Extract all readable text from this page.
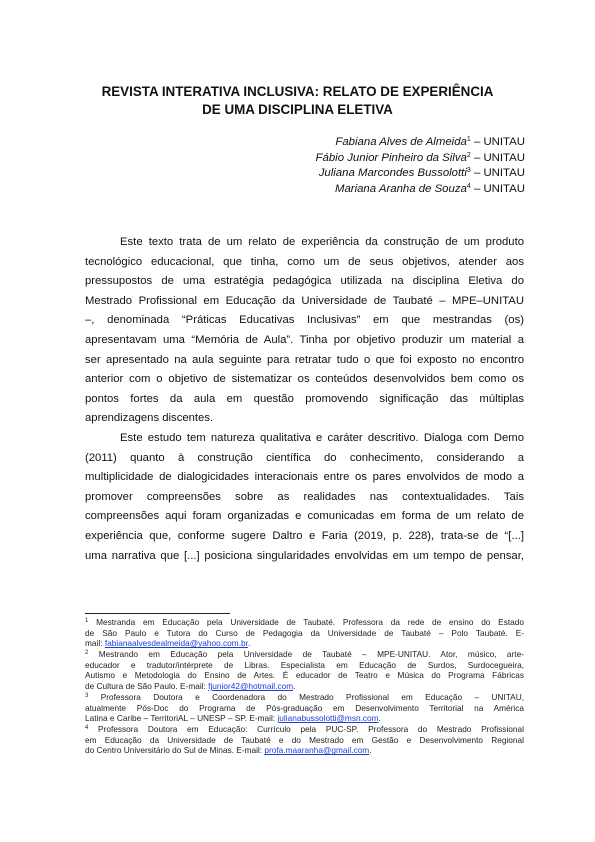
REVISTA INTERATIVA INCLUSIVA: RELATO DE EXPERIÊNCIA
DE UMA DISCIPLINA ELETIVA
Fabiana Alves de Almeida$^1$ – UNITAU
Fábio Junior Pinheiro da Silva$^2$ – UNITAU
Juliana Marcondes Bussolotti$^3$ – UNITAU
Mariana Aranha de Souza$^4$ – UNITAU
Este texto trata de um relato de experiência da construção de um produto
tecnológico educacional, que tinha, como um de seus objetivos, atender aos
pressupostos de uma estratégia pedagógica utilizada na disciplina Eletiva do
Mestrado Profissional em Educação da Universidade de Taubaté – MPE–UNITAU
–, denominada “Práticas Educativas Inclusivas” em que mestrandas (os)
apresentavam uma “Memória de Aula”. Tinha por objetivo produzir um material a
ser apresentado na aula seguinte para retratar tudo o que foi exposto no encontro
anterior com o objetivo de sistematizar os conteúdos desenvolvidos bem como os
pontos fortes da aula em questão promovendo significação das múltiplas
aprendizagens discentes.
Este estudo tem natureza qualitativa e caráter descritivo. Dialoga com Demo
(2011) quanto à construção científica do conhecimento, considerando a
multiplicidade de dialogicidades interacionais entre os pares envolvidos de modo a
promover compreensões sobre as realidades nas contextualidades. Tais
compreensões aqui foram organizadas e comunicadas em forma de um relato de
experiência que, conforme sugere Daltro e Faria (2019, p. 228), trata-se de “[...]
uma narrativa que [...] posiciona singularidades envolvidas em um tempo de pensar,
$^1$ Mestranda em Educação pela Universidade de Taubaté. Professora da rede de ensino do Estado
de São Paulo e Tutora do Curso de Pedagogia da Universidade de Taubaté – Polo Taubaté. E-
mail: fabianaalvesdealmeida@yahoo.com.br.
$^2$ Mestrando em Educação pela Universidade de Taubaté – MPE-UNITAU. Ator, músico, arte-
educador e tradutor/intérprete de Libras. Especialista em Educação de Surdos, Surdocegueira,
Autismo e Metodologia do Ensino de Artes. É educador de Teatro e Música do Programa Fábricas
de Cultura de São Paulo. E-mail: fjunior42@hotmail.com.
$^3$ Professora Doutora e Coordenadora do Mestrado Profissional em Educação – UNITAU,
atualmente Pós-Doc do Programa de Pós-graduação em Desenvolvimento Territorial na América
Latina e Caribe – TerritoriAL – UNESP – SP. E-mail: julianabussolotti@msn.com.
$^4$ Professora Doutora em Educação: Currículo pela PUC-SP. Professora do Mestrado Profissional
em Educação da Universidade de Taubaté e do Mestrado em Gestão e Desenvolvimento Regional
do Centro Universitário do Sul de Minas. E-mail: profa.maaranha@gmail.com.
